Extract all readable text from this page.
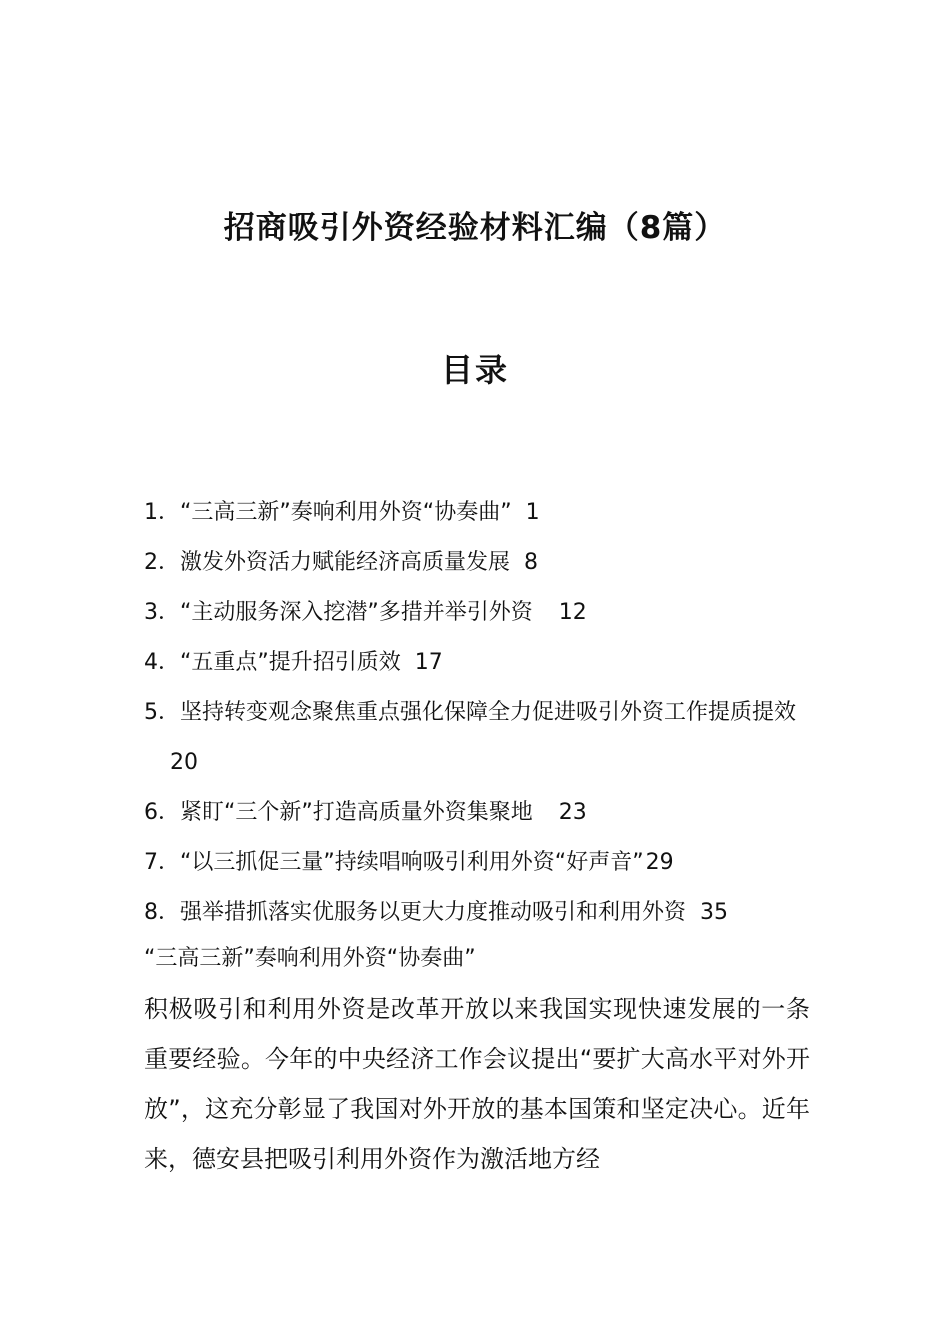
招商吸引外资经验材料汇编（8篇）
目录
1．“三高三新”奏响利用外资“协奏曲” 1
2．激发外资活力赋能经济高质量发展 8
3．“主动服务深入挖潜”多措并举引外资 12
4．“五重点”提升招引质效 17
5．坚持转变观念聚焦重点强化保障全力促进吸引外资工作提质提效20
6．紧盯“三个新”打造高质量外资集聚地 23
7．“以三抓促三量”持续唱响吸引利用外资“好声音”29
8．强举措抓落实优服务以更大力度推动吸引和利用外资 35
“三高三新”奏响利用外资“协奏曲”

积极吸引和利用外资是改革开放以来我国实现快速发展的一条重要经验。今年的中央经济工作会议提出“要扩大高水平对外开放”，这充分彰显了我国对外开放的基本国策和坚定决心。近年来，德安县把吸引利用外资作为激活地方经
